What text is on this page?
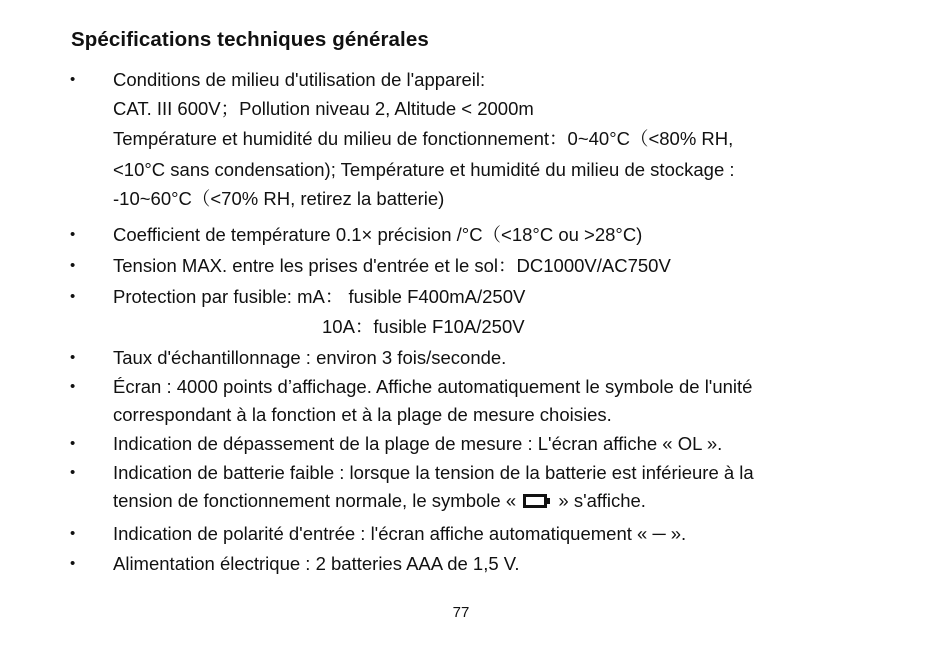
Spécifications techniques générales
• Conditions de milieu d'utilisation de l'appareil:
CAT. III 600V；Pollution niveau 2, Altitude < 2000m
Température et humidité du milieu de fonctionnement：0~40°C（<80% RH,
<10°C sans condensation); Température et humidité du milieu de stockage :
-10~60°C（<70% RH, retirez la batterie)
• Coefficient de température 0.1× précision /°C（<18°C ou >28°C)
• Tension MAX. entre les prises d'entrée et le sol：DC1000V/AC750V
• Protection par fusible: mA： fusible F400mA/250V
10A：fusible F10A/250V
• Taux d'échantillonnage : environ 3 fois/seconde.
• Écran : 4000 points d’affichage. Affiche automatiquement le symbole de l'unité
correspondant à la fonction et à la plage de mesure choisies.
• Indication de dépassement de la plage de mesure : L'écran affiche « OL ».
• Indication de batterie faible : lorsque la tension de la batterie est inférieure à la
tension de fonctionnement normale, le symbole « » s'affiche.
• Indication de polarité d'entrée : l'écran affiche automatiquement « ─ ».
• Alimentation électrique : 2 batteries AAA de 1,5 V.
77
